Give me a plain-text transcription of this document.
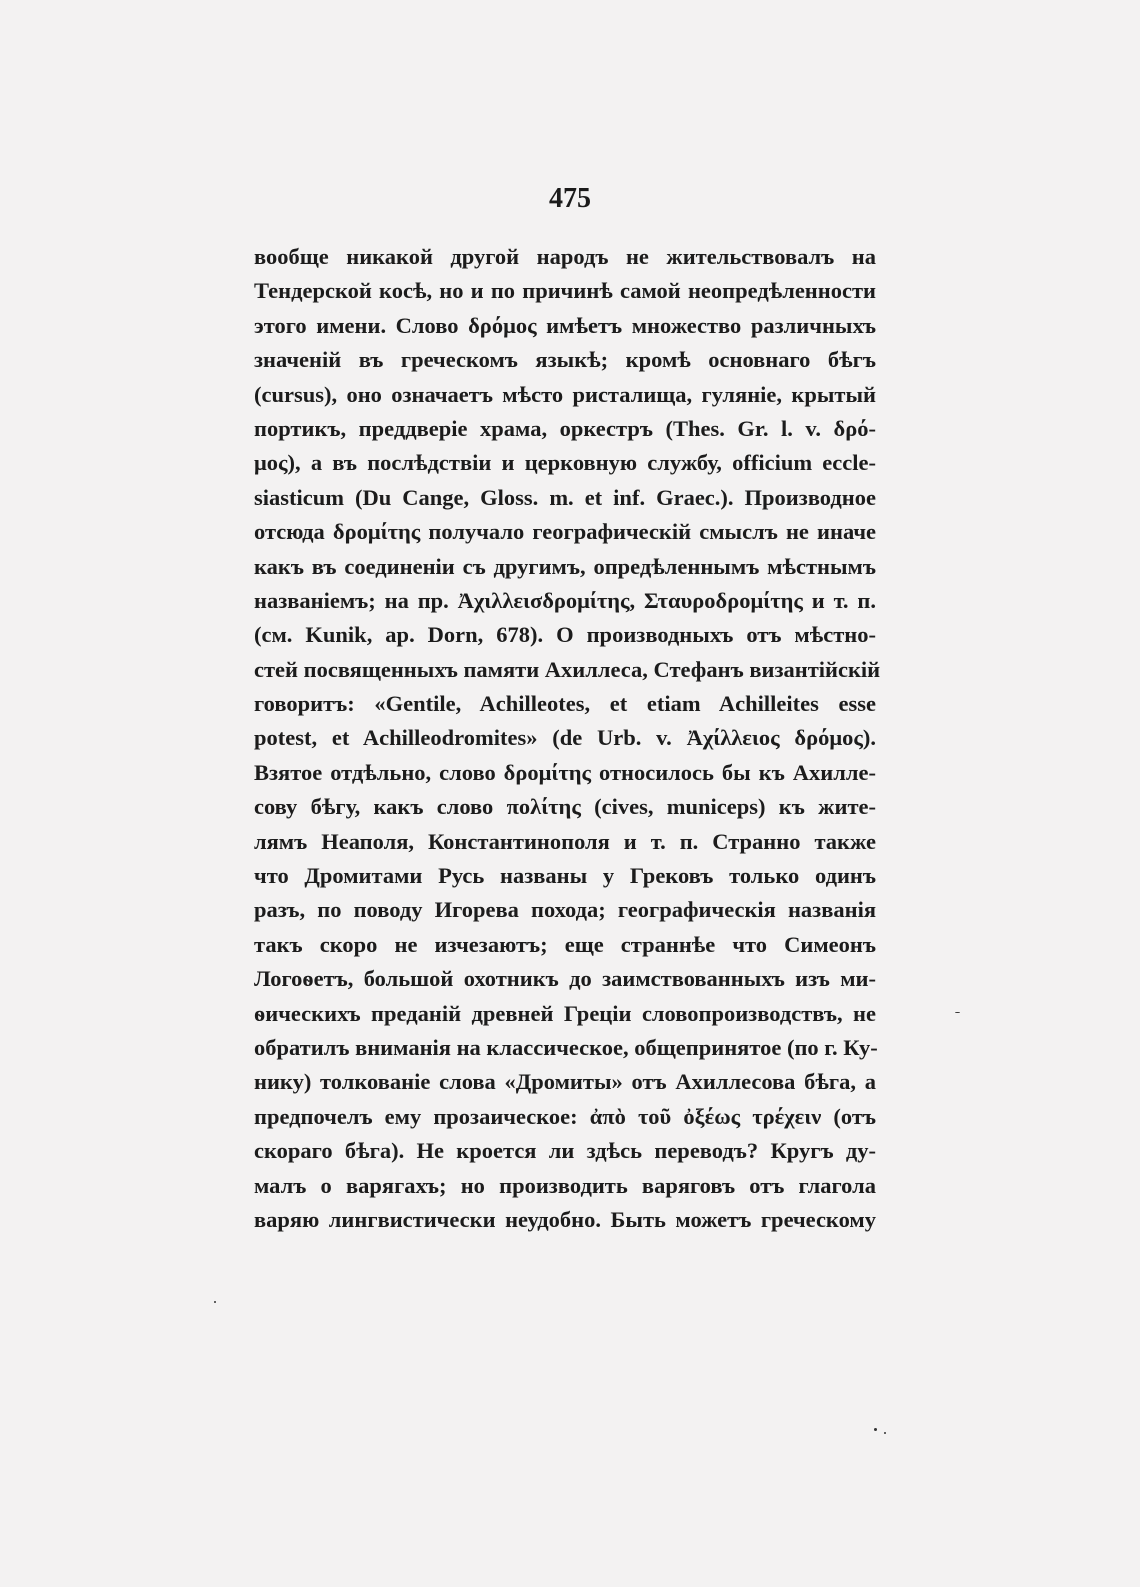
475
вообще никакой другой народъ не жительствовалъ на
Тендерской косѣ, но и по причинѣ самой неопредѣленности
этого имени. Слово δρόμος имѣетъ множество различныхъ
значеній въ греческомъ языкѣ; кромѣ основнаго бѣгъ
(cursus), оно означаетъ мѣсто ристалища, гуляніе, крытый
портикъ, преддверіе храма, оркестръ (Thes. Gr. l. v. δρό-
μος), а въ послѣдствіи и церковную службу, officium eccle-
siasticum (Du Cange, Gloss. m. et inf. Graec.). Производное
отсюда δρομίτης получало географическій смыслъ не иначе
какъ въ соединеніи съ другимъ, опредѣленнымъ мѣстнымъ
названіемъ; на пр. Ἀχιλλεισδρομίτης, Σταυροδρομίτης и т. п.
(см. Kunik, ap. Dorn, 678). О производныхъ отъ мѣстно-
стей посвященныхъ памяти Ахиллеса, Стефанъ византійскій
говоритъ: «Gentile, Achilleotes, et etiam Achilleites esse
potest, et Achilleodromites» (de Urb. v. Ἀχίλλειος δρόμος).
Взятое отдѣльно, слово δρομίτης относилось бы къ Ахилле-
сову бѣгу, какъ слово πολίτης (cives, municeps) къ жите-
лямъ Неаполя, Константинополя и т. п. Странно также
что Дромитами Русь названы у Грековъ только одинъ
разъ, по поводу Игорева похода; географическія названія
такъ скоро не изчезаютъ; еще страннѣе что Симеонъ
Логоѳетъ, большой охотникъ до заимствованныхъ изъ ми-
ѳическихъ преданій древней Греціи словопроизводствъ, не
обратилъ вниманія на классическое, общепринятое (по г. Ку-
нику) толкованіе слова «Дромиты» отъ Ахиллесова бѣга, а
предпочелъ ему прозаическое: ἀπὸ τοῦ ὀξέως τρέχειν (отъ
скораго бѣга). Не кроется ли здѣсь переводъ? Кругъ ду-
малъ о варягахъ; но производить варяговъ отъ глагола
варяю лингвистически неудобно. Быть можетъ греческому
